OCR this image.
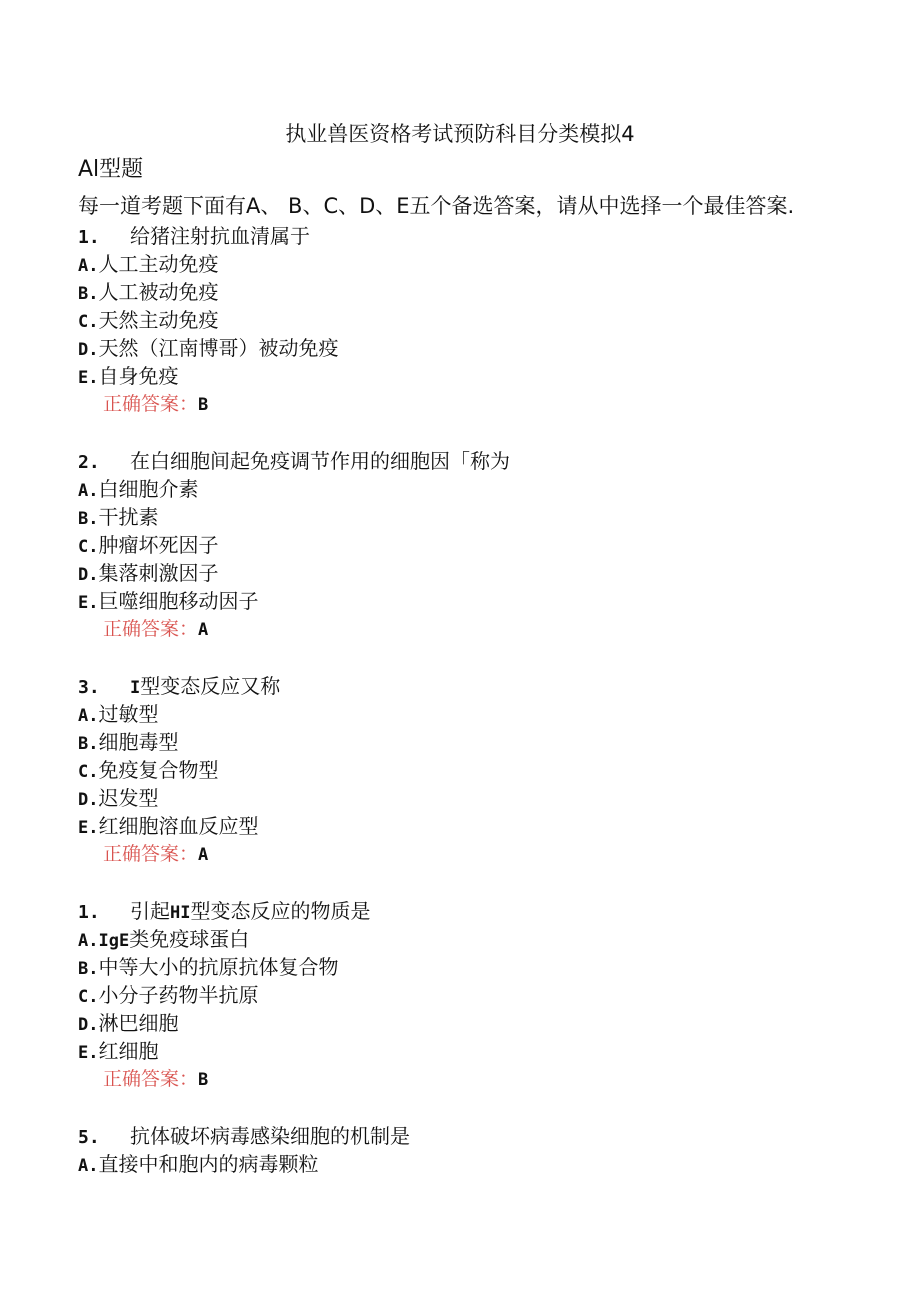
执业兽医资格考试预防科目分类模拟4
Al型题
每一道考题下面有A、 B、C、D、E五个备选答案，请从中选择一个最佳答案.
1. 给猪注射抗血清属于
A.人工主动免疫
B.人工被动免疫
C.天然主动免疫
D.天然（江南博哥）被动免疫
E.自身免疫
正确答案：B
2. 在白细胞间起免疫调节作用的细胞因「称为
A.白细胞介素
B.干扰素
C.肿瘤坏死因子
D.集落刺激因子
E.巨噬细胞移动因子
正确答案：A
3. I型变态反应又称
A.过敏型
B.细胞毒型
C.免疫复合物型
D.迟发型
E.红细胞溶血反应型
正确答案：A
1. 引起HI型变态反应的物质是
A.IgE类免疫球蛋白
B.中等大小的抗原抗体复合物
C.小分子药物半抗原
D.淋巴细胞
E.红细胞
正确答案：B
5. 抗体破坏病毒感染细胞的机制是
A.直接中和胞内的病毒颗粒
